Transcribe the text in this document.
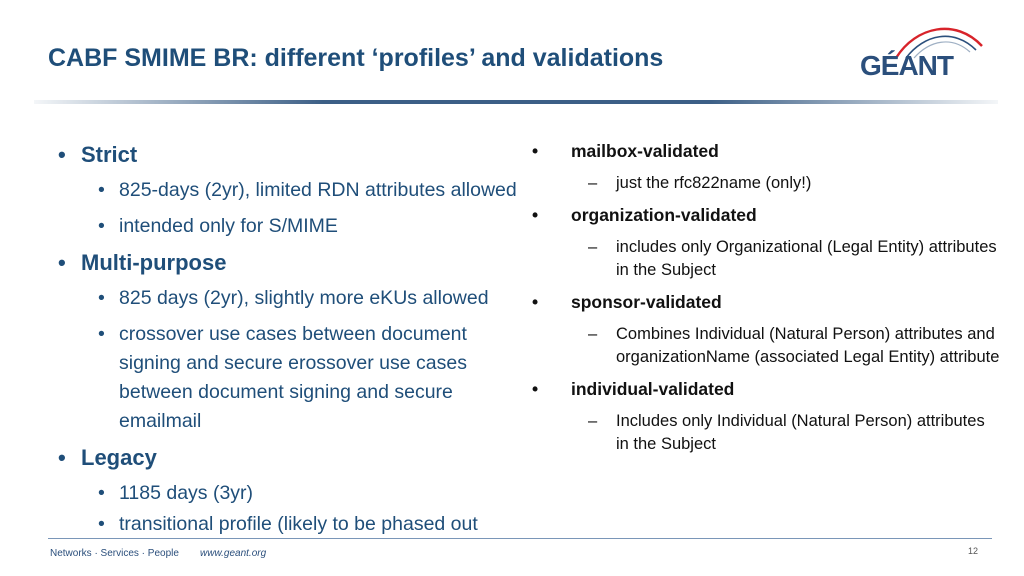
CABF SMIME BR: different ‘profiles’ and validations	GÉANT
• Strict
• 825-days (2yr), limited RDN attributes allowed
• intended only for S/MIME
• Multi-purpose
• 825 days (2yr), slightly more eKUs allowed
• crossover use cases between document signing and secure erossover use cases between document signing and secure emailmail
• Legacy
• 1185 days (3yr)
• transitional profile (likely to be phased out
• mailbox-validated
– just the rfc822name (only!)
• organization-validated
– includes only Organizational (Legal Entity) attributes in the Subject
• sponsor-validated
– Combines Individual (Natural Person) attributes and organizationName (associated Legal Entity) attribute
• individual-validated
– Includes only Individual (Natural Person) attributes in the Subject
Networks · Services · People www.geant.org	12
